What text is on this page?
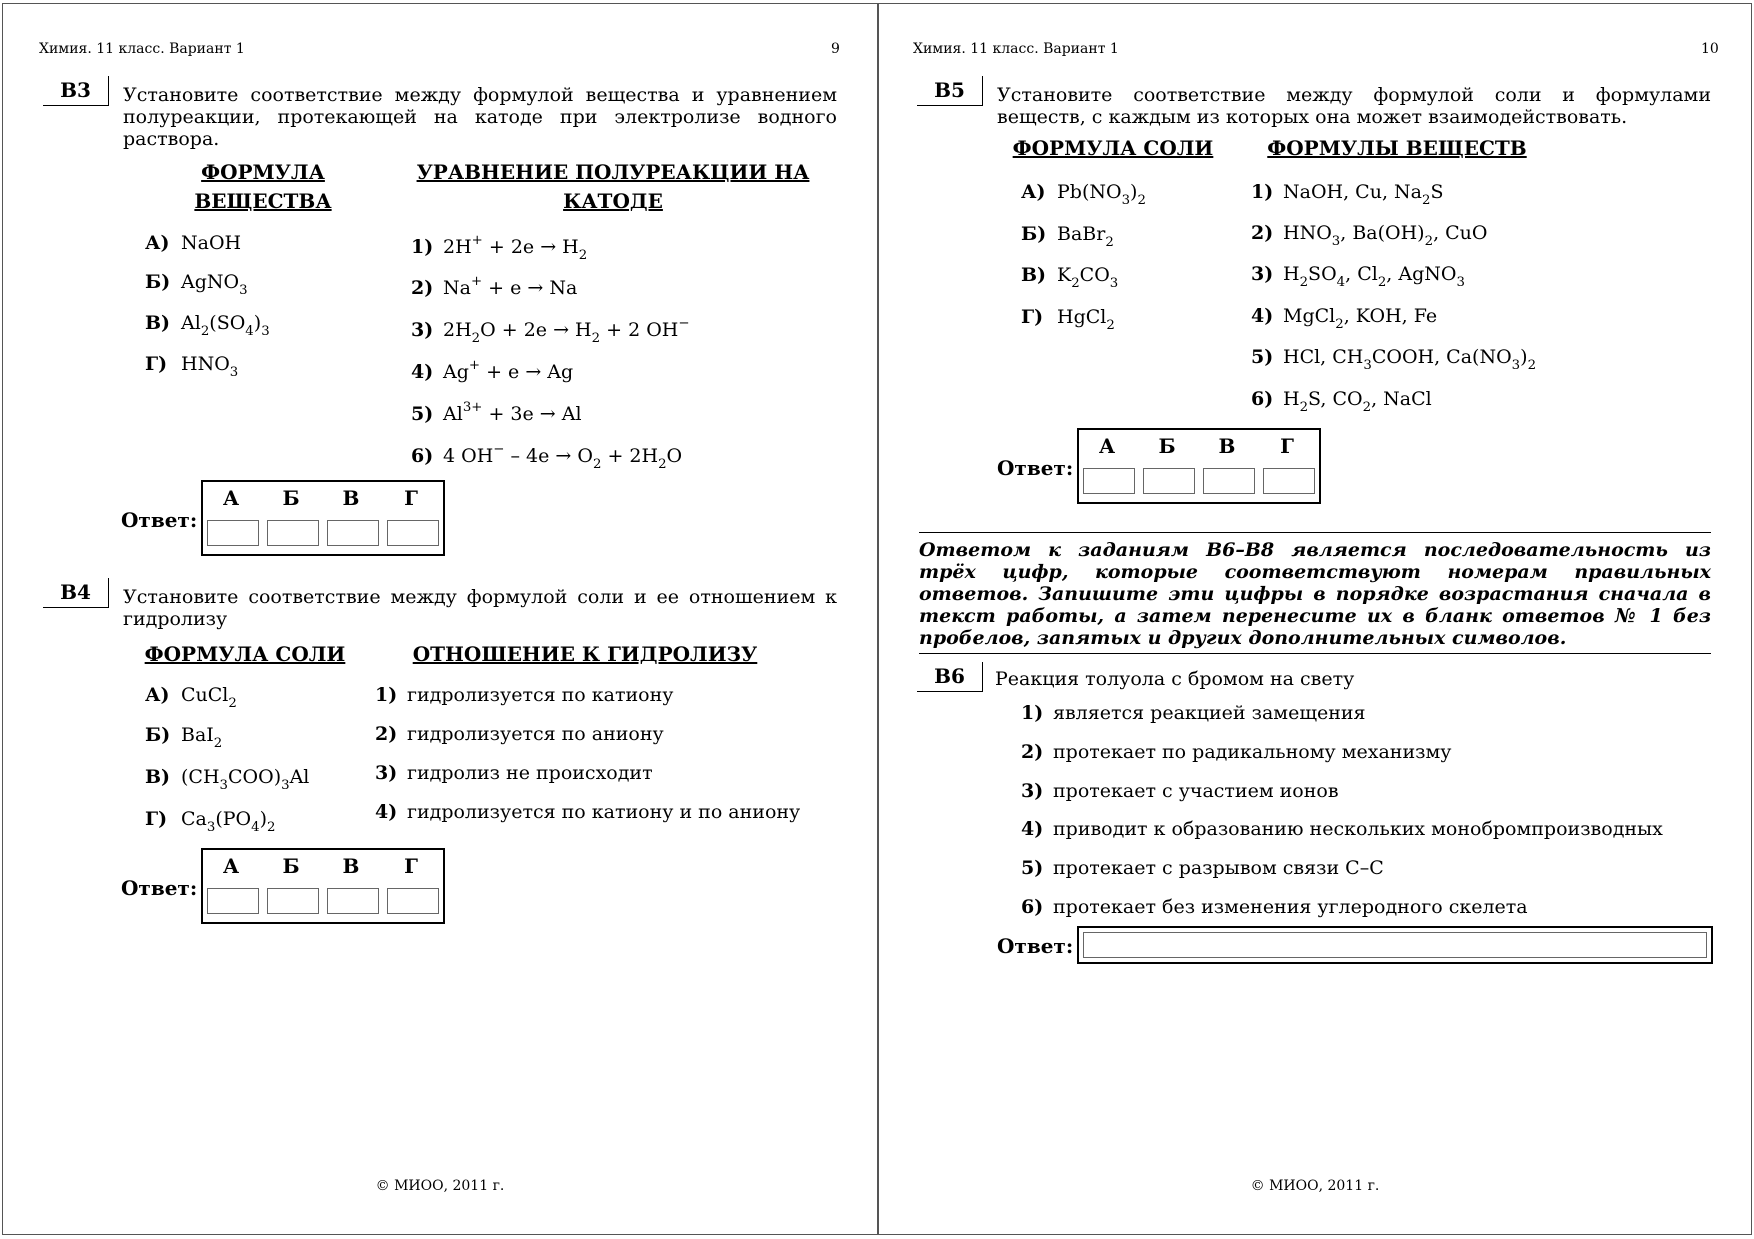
Химия. 11 класс. Вариант 1	9
B3	Установите соответствие между формулой вещества и уравнением полуреакции, протекающей на катоде при электролизе водного раствора.
ФОРМУЛА ВЕЩЕСТВА
УРАВНЕНИЕ ПОЛУРЕАКЦИИ НА КАТОДЕ
А) NaOH
Б) AgNO$_3$
В) $Al_2(SO_4)_3$
Г) $HNO_3$
1) $2H^+ + 2e \to H_2$
2) Na+ + e → Na
3) $2H_2O + 2e \to H_2 + 2$ OH−
4) Ag+ + e → Ag
5) $Al^{3+} + 3e \to Al$
6) 4 $OH^- - 4e \to O_2 + 2H_2O$
Ответ:
А	Б	В	Г
B4	Установите соответствие между формулой соли и ее отношением к гидролизу
ФОРМУЛА СОЛИ	ОТНОШЕНИЕ К ГИДРОЛИЗУ
А) CuCl$_2$
Б) BaI$_2$
В) $(CH_3COO)_3Al$
Г) $Ca_3(PO_4)_2$
1) гидролизуется по катиону
2) гидролизуется по аниону
3) гидролиз не происходит
4) гидролизуется по катиону и по аниону
Ответ:
А	Б	В	Г
© МИОО, 2011 г.
Химия. 11 класс. Вариант 1	10
B5	Установите соответствие между формулой соли и формулами веществ, с каждым из которых она может взаимодействовать.
ФОРМУЛА СОЛИ	ФОРМУЛЫ ВЕЩЕСТВ
А) $Pb(NO_3)_2$
Б) BaBr$_2$
В) $K_2CO_3$
Г) HgCl$_2$
1) NaOH, Cu, $Na_2S$
2) $HNO_3$, $Ba(OH)_2$, CuO
3) $H_2SO_4$, $Cl_2$, AgNO$_3$
4) MgCl$_2$, KOH, Fe
5) HCl, $CH_3COOH$, $Ca(NO_3)_2$
6) $H_2S$, $CO_2$, NaCl
Ответ:
А	Б	В	Г
Ответом к заданиям В6–В8 является последовательность из трёх цифр, которые соответствуют номерам правильных ответов. Запишите эти цифры в порядке возрастания сначала в текст работы, а затем перенесите их в бланк ответов № 1 без пробелов, запятых и других дополнительных символов.
B6	Реакция толуола с бромом на свету
1) является реакцией замещения
2) протекает по радикальному механизму
3) протекает с участием ионов
4) приводит к образованию нескольких монобромпроизводных
5) протекает с разрывом связи С–С
6) протекает без изменения углеродного скелета
Ответ:
© МИОО, 2011 г.
